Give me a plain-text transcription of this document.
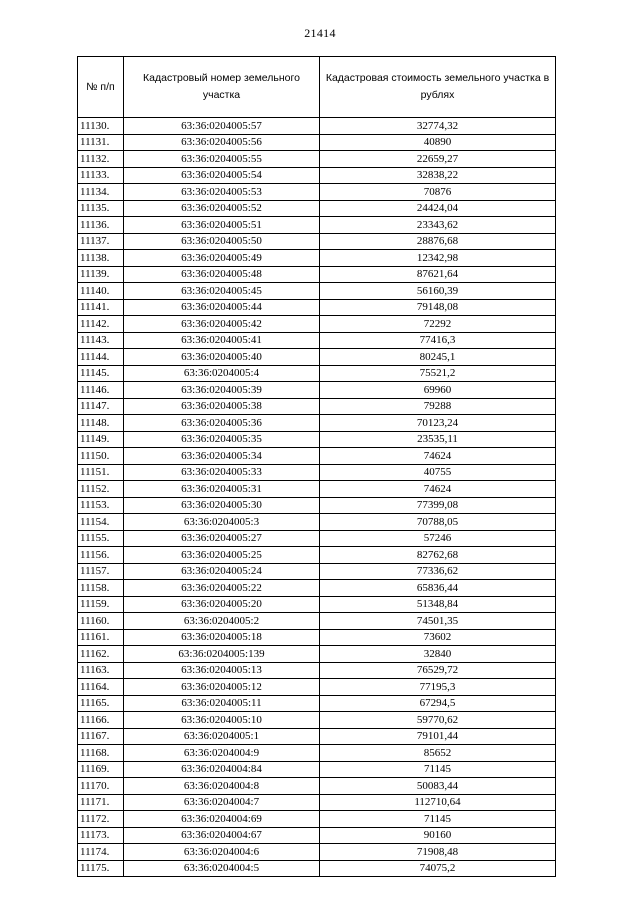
21414
№ п/п	Кадастровый номер земельного участка	Кадастровая стоимость земельного участка в рублях
11130.	63:36:0204005:57	32774,32
11131.	63:36:0204005:56	40890
11132.	63:36:0204005:55	22659,27
11133.	63:36:0204005:54	32838,22
11134.	63:36:0204005:53	70876
11135.	63:36:0204005:52	24424,04
11136.	63:36:0204005:51	23343,62
11137.	63:36:0204005:50	28876,68
11138.	63:36:0204005:49	12342,98
11139.	63:36:0204005:48	87621,64
11140.	63:36:0204005:45	56160,39
11141.	63:36:0204005:44	79148,08
11142.	63:36:0204005:42	72292
11143.	63:36:0204005:41	77416,3
11144.	63:36:0204005:40	80245,1
11145.	63:36:0204005:4	75521,2
11146.	63:36:0204005:39	69960
11147.	63:36:0204005:38	79288
11148.	63:36:0204005:36	70123,24
11149.	63:36:0204005:35	23535,11
11150.	63:36:0204005:34	74624
11151.	63:36:0204005:33	40755
11152.	63:36:0204005:31	74624
11153.	63:36:0204005:30	77399,08
11154.	63:36:0204005:3	70788,05
11155.	63:36:0204005:27	57246
11156.	63:36:0204005:25	82762,68
11157.	63:36:0204005:24	77336,62
11158.	63:36:0204005:22	65836,44
11159.	63:36:0204005:20	51348,84
11160.	63:36:0204005:2	74501,35
11161.	63:36:0204005:18	73602
11162.	63:36:0204005:139	32840
11163.	63:36:0204005:13	76529,72
11164.	63:36:0204005:12	77195,3
11165.	63:36:0204005:11	67294,5
11166.	63:36:0204005:10	59770,62
11167.	63:36:0204005:1	79101,44
11168.	63:36:0204004:9	85652
11169.	63:36:0204004:84	71145
11170.	63:36:0204004:8	50083,44
11171.	63:36:0204004:7	112710,64
11172.	63:36:0204004:69	71145
11173.	63:36:0204004:67	90160
11174.	63:36:0204004:6	71908,48
11175.	63:36:0204004:5	74075,2
